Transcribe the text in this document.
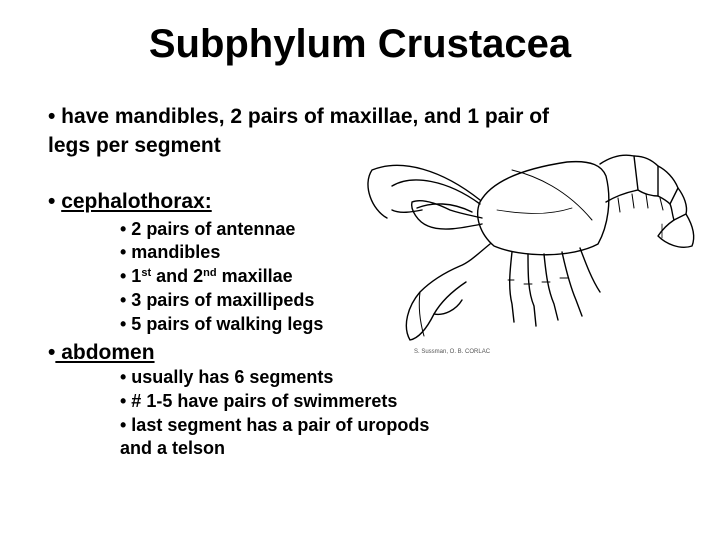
Subphylum Crustacea
• have mandibles, 2 pairs of maxillae, and 1 pair of
legs per segment
• cephalothorax:
• 2 pairs of antennae
• mandibles
• 1st and 2nd maxillae
• 3 pairs of maxillipeds
• 5 pairs of walking legs
• abdomen
• usually has 6 segments
• # 1-5 have pairs of swimmerets
• last segment has a pair of uropods
and a telson
S. Sussman, O. B. CORLAC
